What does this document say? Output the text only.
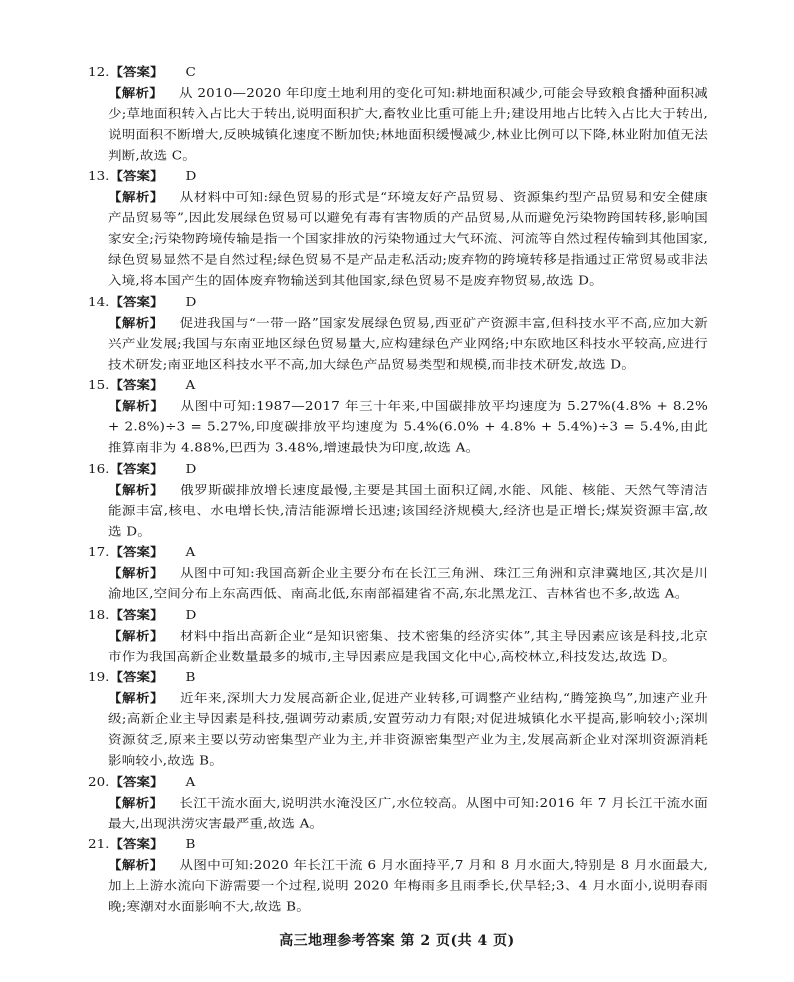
12.【答案】 C
【解析】 从 2010—2020 年印度土地利用的变化可知:耕地面积减少,可能会导致粮食播种面积减少;草地面积转入占比大于转出,说明面积扩大,畜牧业比重可能上升;建设用地占比转入占比大于转出,说明面积不断增大,反映城镇化速度不断加快;林地面积缓慢减少,林业比例可以下降,林业附加值无法判断,故选 C。
13.【答案】 D
【解析】 从材料中可知:绿色贸易的形式是“环境友好产品贸易、资源集约型产品贸易和安全健康产品贸易等”,因此发展绿色贸易可以避免有毒有害物质的产品贸易,从而避免污染物跨国转移,影响国家安全;污染物跨境传输是指一个国家排放的污染物通过大气环流、河流等自然过程传输到其他国家,绿色贸易显然不是自然过程;绿色贸易不是产品走私活动;废弃物的跨境转移是指通过正常贸易或非法入境,将本国产生的固体废弃物输送到其他国家,绿色贸易不是废弃物贸易,故选 D。
14.【答案】 D
【解析】 促进我国与“一带一路”国家发展绿色贸易,西亚矿产资源丰富,但科技水平不高,应加大新兴产业发展;我国与东南亚地区绿色贸易量大,应构建绿色产业网络;中东欧地区科技水平较高,应进行技术研发;南亚地区科技水平不高,加大绿色产品贸易类型和规模,而非技术研发,故选 D。
15.【答案】 A
【解析】 从图中可知:1987—2017 年三十年来,中国碳排放平均速度为 5.27%(4.8% + 8.2% + 2.8%)÷3 = 5.27%,印度碳排放平均速度为 5.4%(6.0% + 4.8% + 5.4%)÷3 = 5.4%,由此推算南非为 4.88%,巴西为 3.48%,增速最快为印度,故选 A。
16.【答案】 D
【解析】 俄罗斯碳排放增长速度最慢,主要是其国土面积辽阔,水能、风能、核能、天然气等清洁能源丰富,核电、水电增长快,清洁能源增长迅速;该国经济规模大,经济也是正增长;煤炭资源丰富,故选 D。
17.【答案】 A
【解析】 从图中可知:我国高新企业主要分布在长江三角洲、珠江三角洲和京津冀地区,其次是川渝地区,空间分布上东高西低、南高北低,东南部福建省不高,东北黑龙江、吉林省也不多,故选 A。
18.【答案】 D
【解析】 材料中指出高新企业“是知识密集、技术密集的经济实体”,其主导因素应该是科技,北京市作为我国高新企业数量最多的城市,主导因素应是我国文化中心,高校林立,科技发达,故选 D。
19.【答案】 B
【解析】 近年来,深圳大力发展高新企业,促进产业转移,可调整产业结构,“腾笼换鸟”,加速产业升级;高新企业主导因素是科技,强调劳动素质,安置劳动力有限;对促进城镇化水平提高,影响较小;深圳资源贫乏,原来主要以劳动密集型产业为主,并非资源密集型产业为主,发展高新企业对深圳资源消耗影响较小,故选 B。
20.【答案】 A
【解析】 长江干流水面大,说明洪水淹没区广,水位较高。从图中可知:2016 年 7 月长江干流水面最大,出现洪涝灾害最严重,故选 A。
21.【答案】 B
【解析】 从图中可知:2020 年长江干流 6 月水面持平,7 月和 8 月水面大,特别是 8 月水面最大,加上上游水流向下游需要一个过程,说明 2020 年梅雨多且雨季长,伏旱轻;3、4 月水面小,说明春雨晚;寒潮对水面影响不大,故选 B。
高三地理参考答案 第 2 页(共 4 页)
